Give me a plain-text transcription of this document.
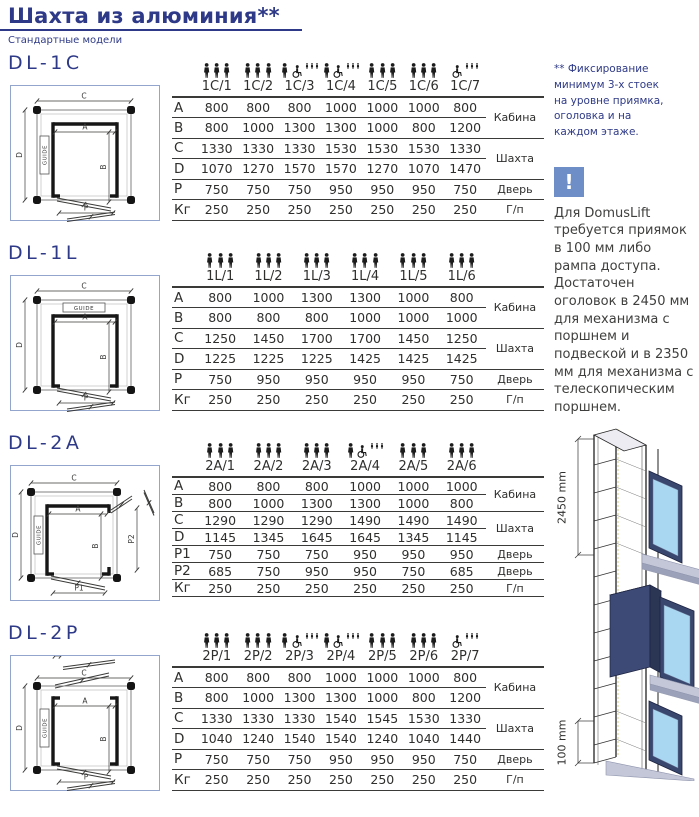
Шахта из алюминия**
Стандартные модели
DL-1C
C
D	GUIDE
A
B
P

	1C/1	1C/2	1C/3	1C/4	1C/5	1C/6	1C/7	

A	800	800	800	1000	1000	1000	800	Кабина
B	800	1000	1300	1300	1000	800	1200	
C	1330	1330	1330	1530	1530	1530	1330	Шахта
D	1070	1270	1570	1570	1270	1070	1470	
P	750	750	750	950	950	950	750	Дверь
Кг	250	250	250	250	250	250	250	Г/п
DL-1L
C
D
GUIDE
A
B
P

	1L/1	1L/2	1L/3	1L/4	1L/5	1L/6	

A	800	1000	1300	1300	1000	800	Кабина
B	800	800	800	1000	1000	1000	
C	1250	1450	1700	1700	1450	1250	Шахта
D	1225	1225	1225	1425	1425	1425	
P	750	950	950	950	950	750	Дверь
Кг	250	250	250	250	250	250	Г/п
DL-2A
C
D	GUIDE
A
B
P2
P1

	2A/1	2A/2	2A/3	2A/4	2A/5	2A/6	

A	800	800	800	1000	1000	1000	Кабина
B	800	1000	1300	1300	1000	800	
C	1290	1290	1290	1490	1490	1490	Шахта
D	1145	1345	1645	1645	1345	1145	
P1	750	750	750	950	950	950	Дверь
P2	685	750	950	950	750	685	Дверь
Кг	250	250	250	250	250	250	Г/п
DL-2P
C
D	GUIDE
A
B
P

	2P/1	2P/2	2P/3	2P/4	2P/5	2P/6	2P/7	

A	800	800	800	1000	1000	1000	800	Кабина
B	800	1000	1300	1300	1000	800	1200	
C	1330	1330	1330	1540	1545	1530	1330	Шахта
D	1040	1240	1540	1540	1240	1040	1440	
P	750	750	750	950	950	950	750	Дверь
Кг	250	250	250	250	250	250	250	Г/п

** Фиксирование минимум 3-х стоек на уровне приямка, оголовка и на каждом этаже.

!

Для DomusLift требуется приямок в 100 мм либо рампа доступа. Достаточен оголовок в 2450 мм для механизма с поршнем и подвеской и в 2350 мм для механизма с телескопическим поршнем.

2450 mm
100 mm
